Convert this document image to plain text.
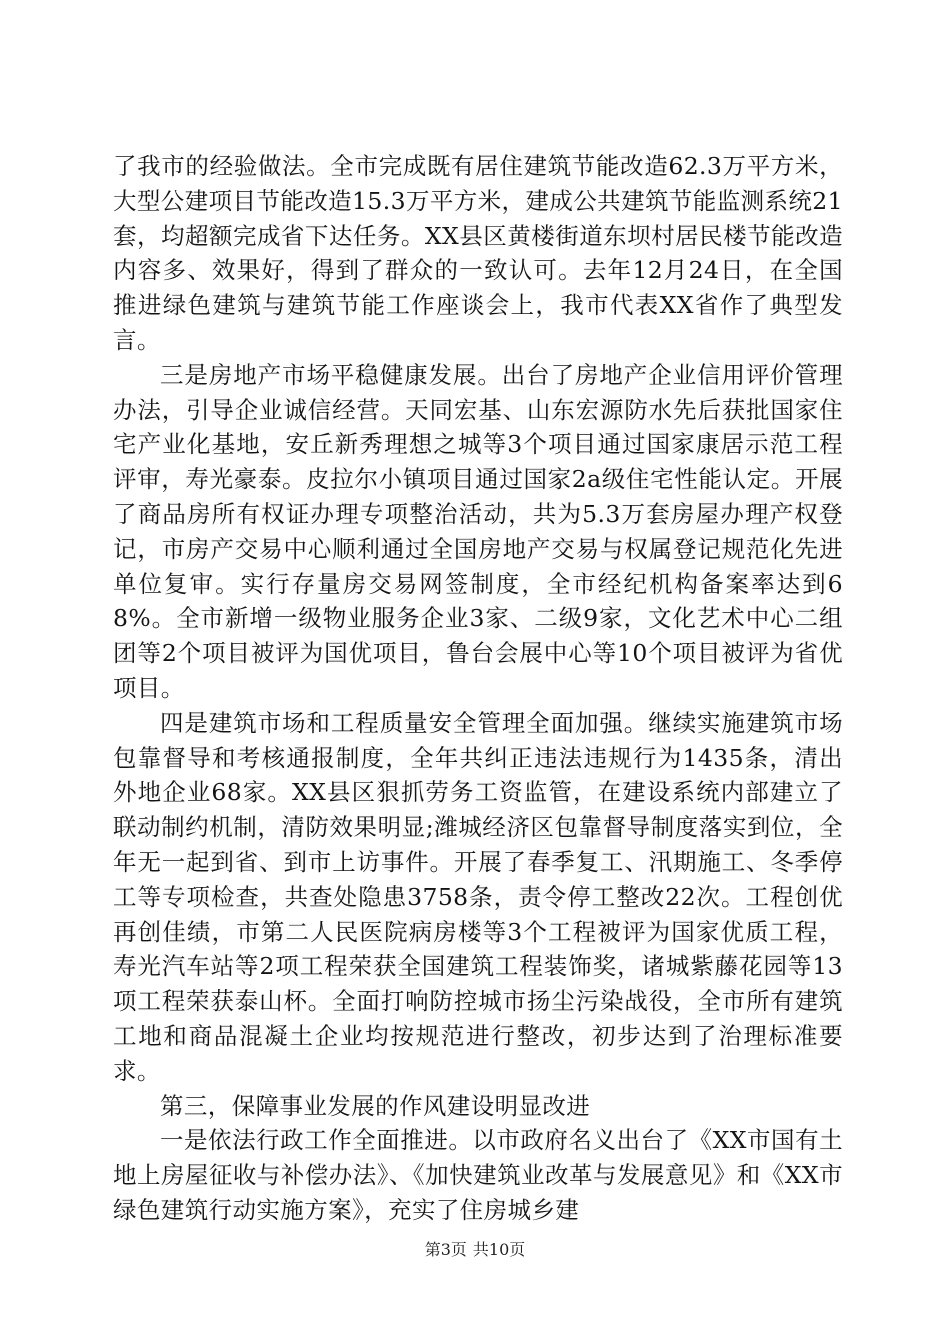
了我市的经验做法。全市完成既有居住建筑节能改造62.3万平方米，大型公建项目节能改造15.3万平方米，建成公共建筑节能监测系统21套，均超额完成省下达任务。XX县区黄楼街道东坝村居民楼节能改造内容多、效果好，得到了群众的一致认可。去年12月24日，在全国推进绿色建筑与建筑节能工作座谈会上，我市代表XX省作了典型发言。

三是房地产市场平稳健康发展。出台了房地产企业信用评价管理办法，引导企业诚信经营。天同宏基、山东宏源防水先后获批国家住宅产业化基地，安丘新秀理想之城等3个项目通过国家康居示范工程评审，寿光豪泰。皮拉尔小镇项目通过国家2a级住宅性能认定。开展了商品房所有权证办理专项整治活动，共为5.3万套房屋办理产权登记，市房产交易中心顺利通过全国房地产交易与权属登记规范化先进单位复审。实行存量房交易网签制度，全市经纪机构备案率达到68%。全市新增一级物业服务企业3家、二级9家，文化艺术中心二组团等2个项目被评为国优项目，鲁台会展中心等10个项目被评为省优项目。

四是建筑市场和工程质量安全管理全面加强。继续实施建筑市场包靠督导和考核通报制度，全年共纠正违法违规行为1435条，清出外地企业68家。XX县区狠抓劳务工资监管，在建设系统内部建立了联动制约机制，清防效果明显;潍城经济区包靠督导制度落实到位，全年无一起到省、到市上访事件。开展了春季复工、汛期施工、冬季停工等专项检查，共查处隐患3758条，责令停工整改22次。工程创优再创佳绩，市第二人民医院病房楼等3个工程被评为国家优质工程，寿光汽车站等2项工程荣获全国建筑工程装饰奖，诸城紫藤花园等13项工程荣获泰山杯。全面打响防控城市扬尘污染战役，全市所有建筑工地和商品混凝土企业均按规范进行整改，初步达到了治理标准要求。

第三，保障事业发展的作风建设明显改进

一是依法行政工作全面推进。以市政府名义出台了《XX市国有土地上房屋征收与补偿办法》、《加快建筑业改革与发展意见》和《XX市绿色建筑行动实施方案》，充实了住房城乡建

第3页 共10页
